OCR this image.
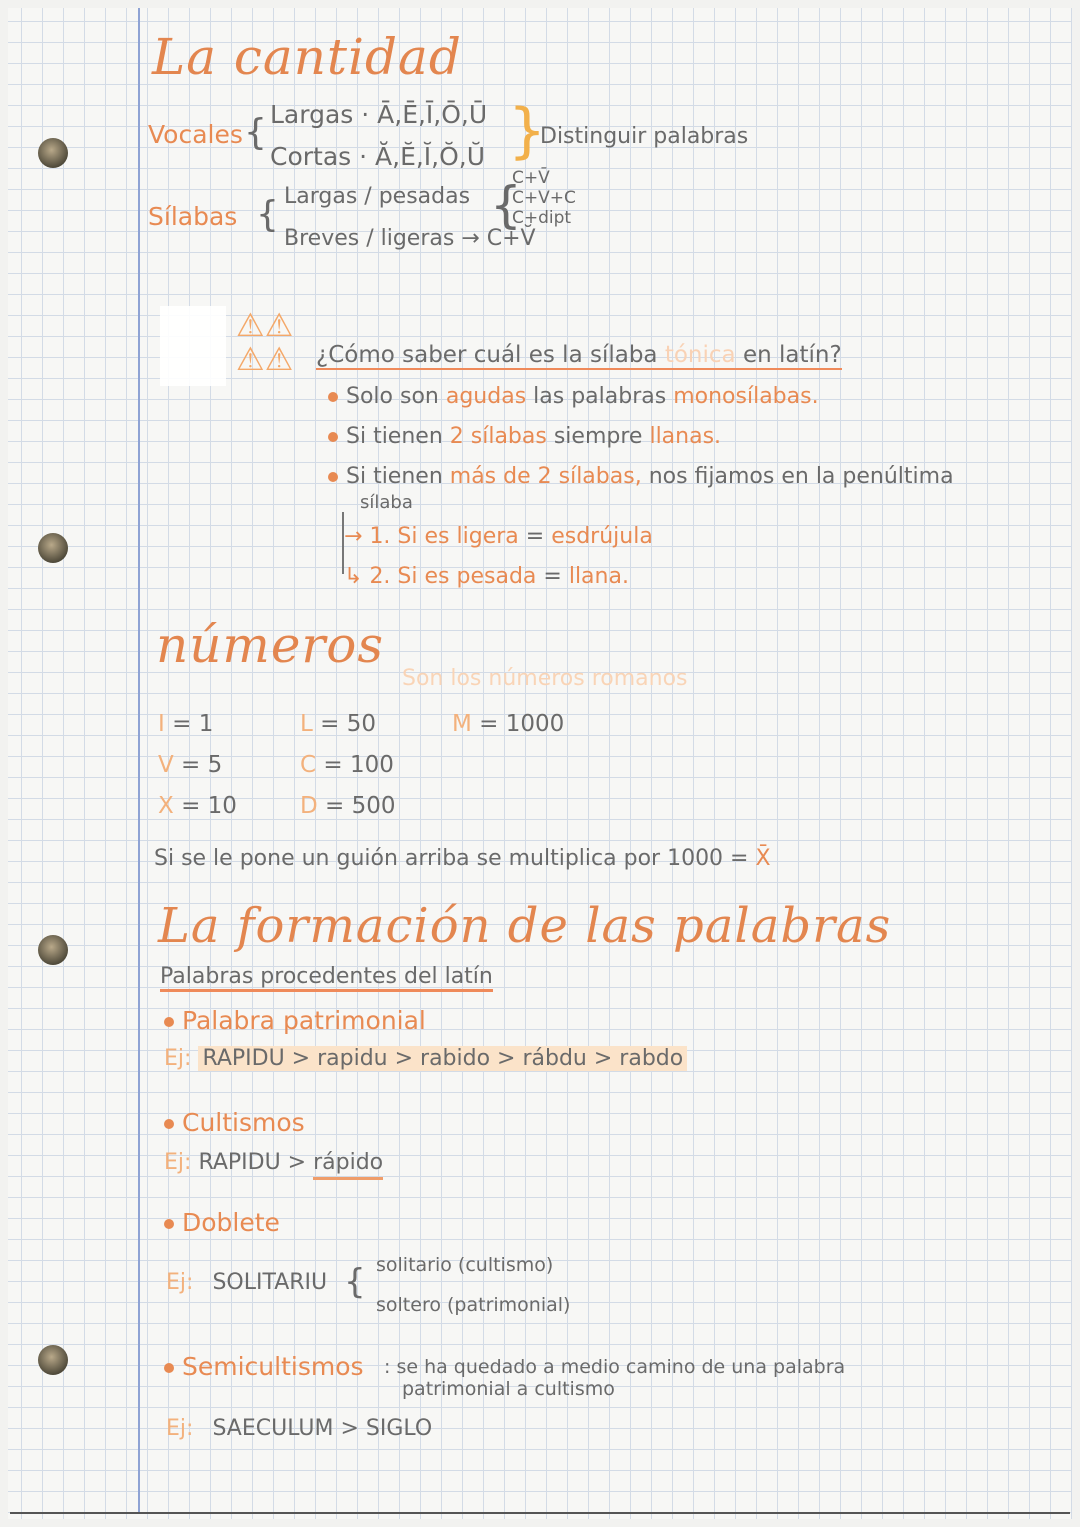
La cantidad
Vocales { Largas · Ā,Ē,Ī,Ō,Ū
Cortas · Ă,Ĕ,Ĭ,Ŏ,Ŭ }
Distinguir palabras
Sílabas { Largas / pesadas {
C+V̄
C+V+C
C+dipt
Breves / ligeras → C+V̆
⚠⚠
⚠⚠ ¿Cómo saber cuál es la sílaba tónica en latín?
Solo son agudas las palabras monosílabas.
Si tienen 2 sílabas siempre llanas.
Si tienen más de 2 sílabas, nos fijamos en la penúltima
sílaba
→ 1. Si es ligera = esdrújula
↳ 2. Si es pesada = llana.
números
Son los números romanos
I = 1
V = 5
X = 10
L = 50
C = 100
D = 500
M = 1000
Si se le pone un guión arriba se multiplica por 1000 = X̄
La formación de las palabras
Palabras procedentes del latín
Palabra patrimonial
Ej: RAPIDU > rapidu > rabido > rábdu > rabdo
Cultismos
Ej: RAPIDU > rápido
Doblete
Ej: SOLITARIU { solitario (cultismo)
soltero (patrimonial)
Semicultismos : se ha quedado a medio camino de una palabra
patrimonial a cultismo
Ej: SAECULUM > SIGLO
